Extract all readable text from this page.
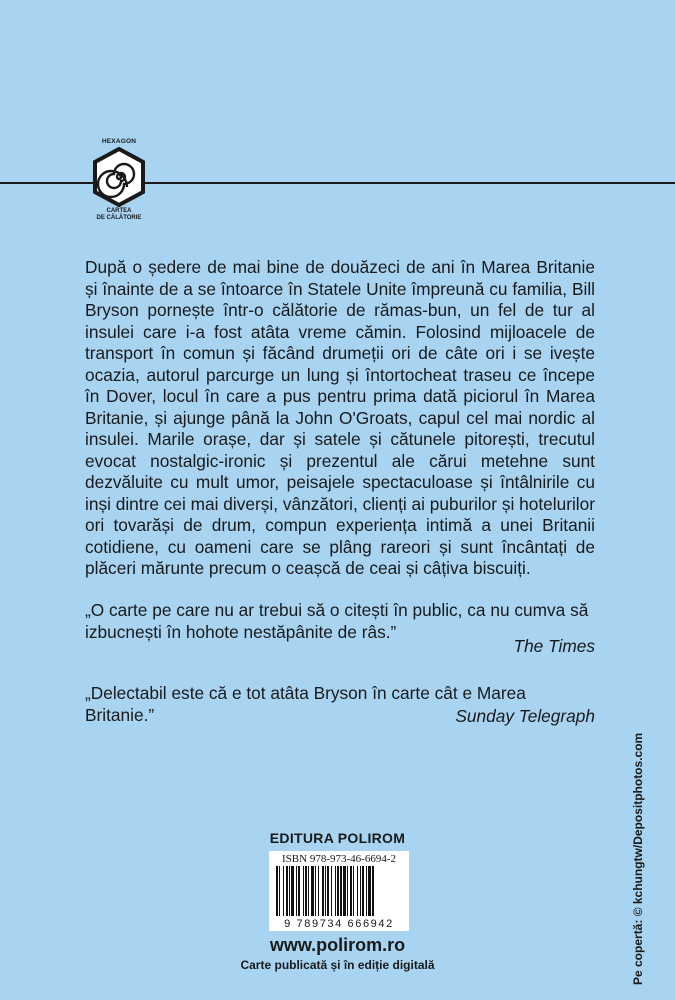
HEXAGON
CARTEA
DE CĂLĂTORIE
După o ședere de mai bine de douăzeci de ani în Marea Britanie și înainte de a se întoarce în Statele Unite împreună cu familia, Bill Bryson pornește într-o călătorie de rămas-bun, un fel de tur al insulei care i-a fost atâta vreme cămin. Folosind mijloacele de transport în comun și făcând drumeții ori de câte ori i se ivește ocazia, autorul parcurge un lung și întortocheat traseu ce începe în Dover, locul în care a pus pentru prima dată piciorul în Marea Britanie, și ajunge până la John O'Groats, capul cel mai nordic al insulei. Marile orașe, dar și satele și cătunele pitorești, trecutul evocat nostalgic-ironic și prezentul ale cărui metehne sunt dezvăluite cu mult umor, peisajele spectaculoase și întâlnirile cu inși dintre cei mai diverși, vânzători, clienți ai puburilor și hotelurilor ori tovarăși de drum, compun experiența intimă a unei Britanii cotidiene, cu oameni care se plâng rareori și sunt încântați de plăceri mărunte precum o ceașcă de ceai și câțiva biscuiți.
„O carte pe care nu ar trebui să o citești în public, ca nu cumva să izbucnești în hohote nestăpânite de râs.”
The Times
„Delectabil este că e tot atâta Bryson în carte cât e Marea Britanie.”	Sunday Telegraph
EDITURA POLIROM
ISBN 978-973-46-6694-2
9 789734 666942
www.polirom.ro
Carte publicată și în ediție digitală	Pe copertă: © kchungtw/Depositphotos.com
